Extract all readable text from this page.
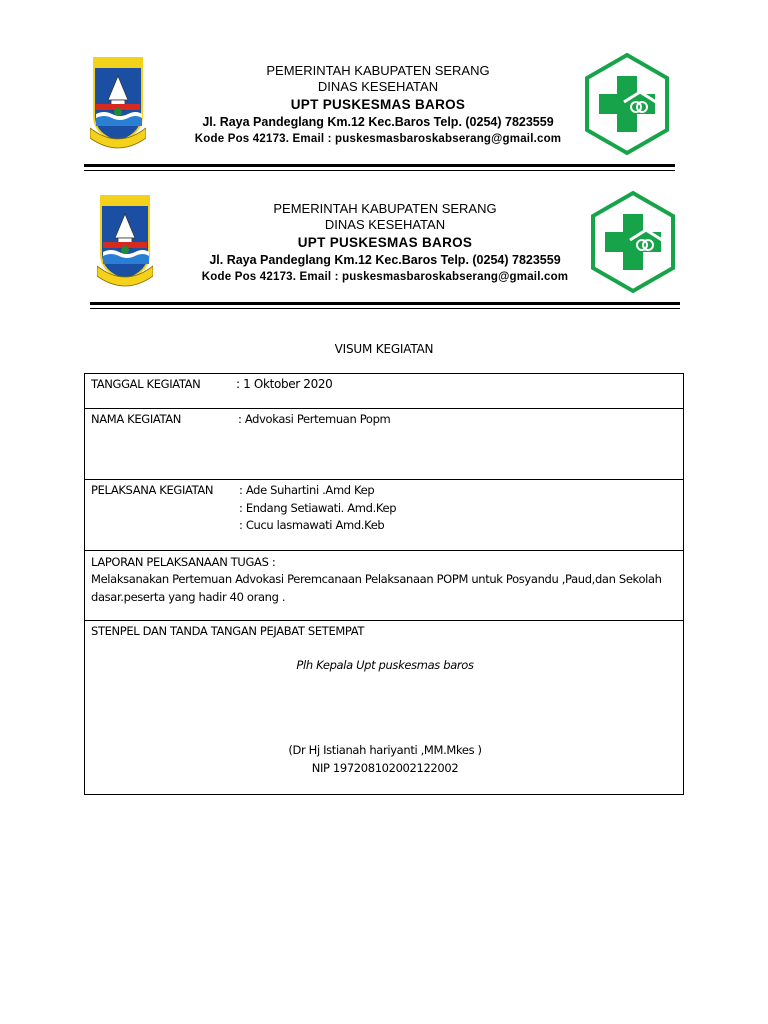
PEMERINTAH KABUPATEN SERANG
DINAS KESEHATAN
UPT PUSKESMAS BAROS
Jl. Raya Pandeglang Km.12 Kec.Baros Telp. (0254) 7823559
Kode Pos 42173. Email : puskesmasbaroskabserang@gmail.com
PEMERINTAH KABUPATEN SERANG
DINAS KESEHATAN
UPT PUSKESMAS BAROS
Jl. Raya Pandeglang Km.12 Kec.Baros Telp. (0254) 7823559
Kode Pos 42173. Email : puskesmasbaroskabserang@gmail.com
VISUM KEGIATAN
TANGGAL KEGIATAN	: 1 Oktober 2020
NAMA KEGIATAN	: Advokasi Pertemuan Popm
PELAKSANA KEGIATAN : Ade Suhartini .Amd Kep
: Endang Setiawati. Amd.Kep
: Cucu lasmawati Amd.Keb
LAPORAN PELAKSANAAN TUGAS :
Melaksanakan Pertemuan Advokasi Peremcanaan Pelaksanaan POPM untuk Posyandu ,Paud,dan Sekolah dasar.peserta yang hadir 40 orang .
STENPEL DAN TANDA TANGAN PEJABAT SETEMPAT
Plh Kepala Upt puskesmas baros
(Dr Hj Istianah hariyanti ,MM.Mkes )
NIP 197208102002122002
